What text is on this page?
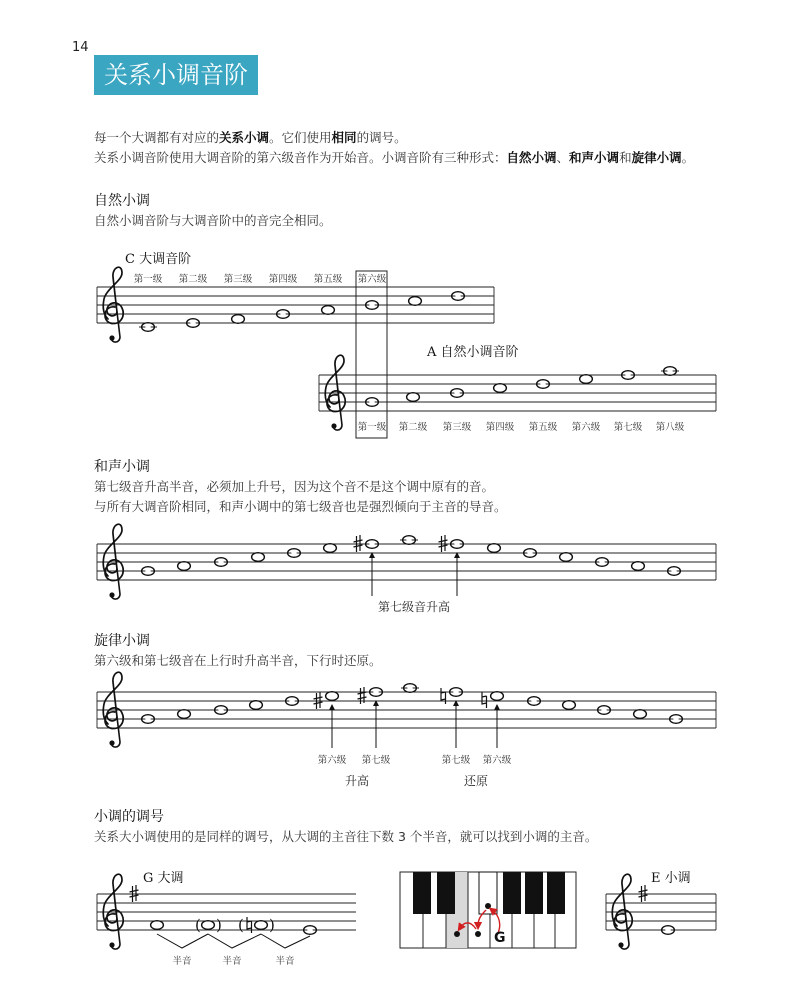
14
关系小调音阶
每一个大调都有对应的关系小调。它们使用相同的调号。
关系小调音阶使用大调音阶的第六级音作为开始音。小调音阶有三种形式：自然小调、和声小调和旋律小调。
自然小调
自然小调音阶与大调音阶中的音完全相同。
和声小调
第七级音升高半音，必须加上升号，因为这个音不是这个调中原有的音。
与所有大调音阶相同，和声小调中的第七级音也是强烈倾向于主音的导音。
旋律小调
第六级和第七级音在上行时升高半音，下行时还原。
小调的调号
关系大小调使用的是同样的调号，从大调的主音往下数 3 个半音，就可以找到小调的主音。
C 大调音阶
第一级 第二级 第三级 第四级 第五级 第六级
A 自然小调音阶
第一级 第二级 第三级 第四级 第五级 第六级 第七级 第八级
第七级音升高
第六级 第七级	第七级 第六级
升高	还原
G 大调
( ) ( )
半音	半音	半音
G
E 小调
